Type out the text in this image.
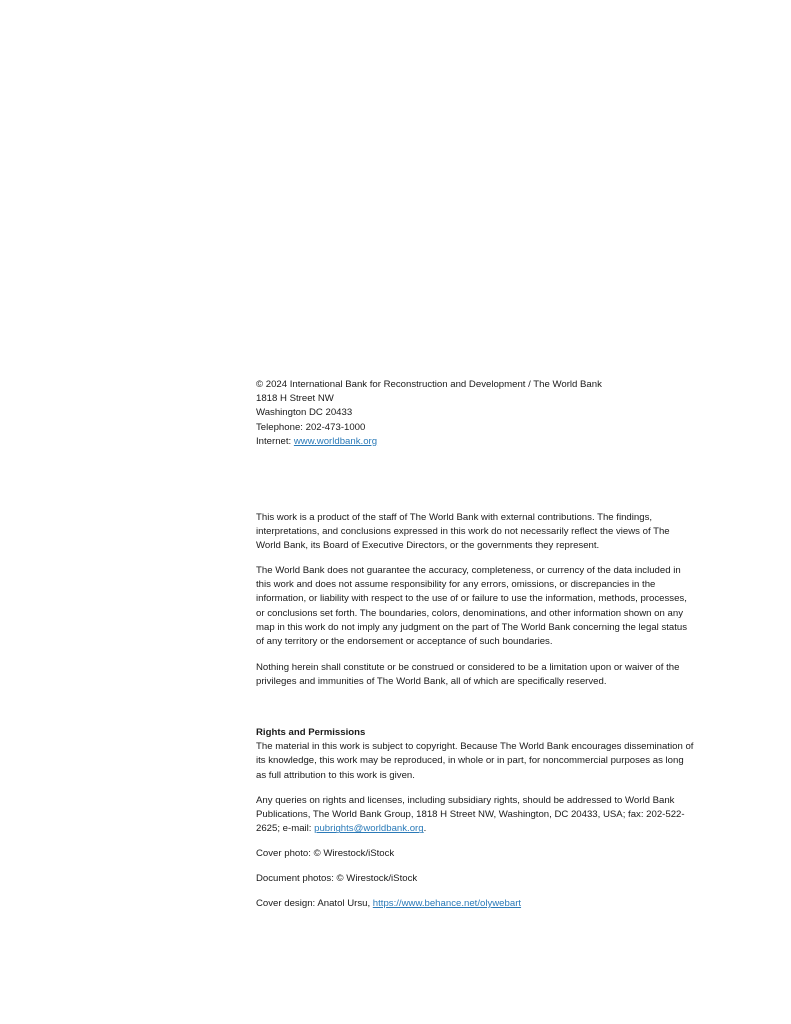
© 2024 International Bank for Reconstruction and Development / The World Bank
1818 H Street NW
Washington DC 20433
Telephone: 202-473-1000
Internet: www.worldbank.org

This work is a product of the staff of The World Bank with external contributions. The findings, interpretations, and conclusions expressed in this work do not necessarily reflect the views of The World Bank, its Board of Executive Directors, or the governments they represent.

The World Bank does not guarantee the accuracy, completeness, or currency of the data included in this work and does not assume responsibility for any errors, omissions, or discrepancies in the information, or liability with respect to the use of or failure to use the information, methods, processes, or conclusions set forth. The boundaries, colors, denominations, and other information shown on any map in this work do not imply any judgment on the part of The World Bank concerning the legal status of any territory or the endorsement or acceptance of such boundaries.

Nothing herein shall constitute or be construed or considered to be a limitation upon or waiver of the privileges and immunities of The World Bank, all of which are specifically reserved.

Rights and Permissions

The material in this work is subject to copyright. Because The World Bank encourages dissemination of its knowledge, this work may be reproduced, in whole or in part, for noncommercial purposes as long as full attribution to this work is given.

Any queries on rights and licenses, including subsidiary rights, should be addressed to World Bank Publications, The World Bank Group, 1818 H Street NW, Washington, DC 20433, USA; fax: 202-522-2625; e-mail: pubrights@worldbank.org.

Cover photo: © Wirestock/iStock
Document photos: © Wirestock/iStock
Cover design: Anatol Ursu, https://www.behance.net/olywebart
